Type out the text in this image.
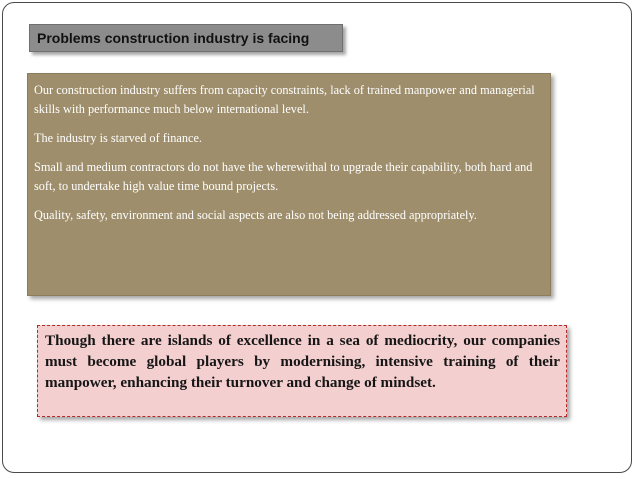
Problems construction industry is facing

Our construction industry suffers from capacity constraints, lack of trained manpower and managerial skills with performance much below international level.

The industry is starved of finance.

Small and medium contractors do not have the wherewithal to upgrade their capability, both hard and soft, to undertake high value time bound projects.

Quality, safety, environment and social aspects are also not being addressed appropriately.

Though there are islands of excellence in a sea of mediocrity, our companies must become global players by modernising, intensive training of their manpower, enhancing their turnover and change of mindset.
